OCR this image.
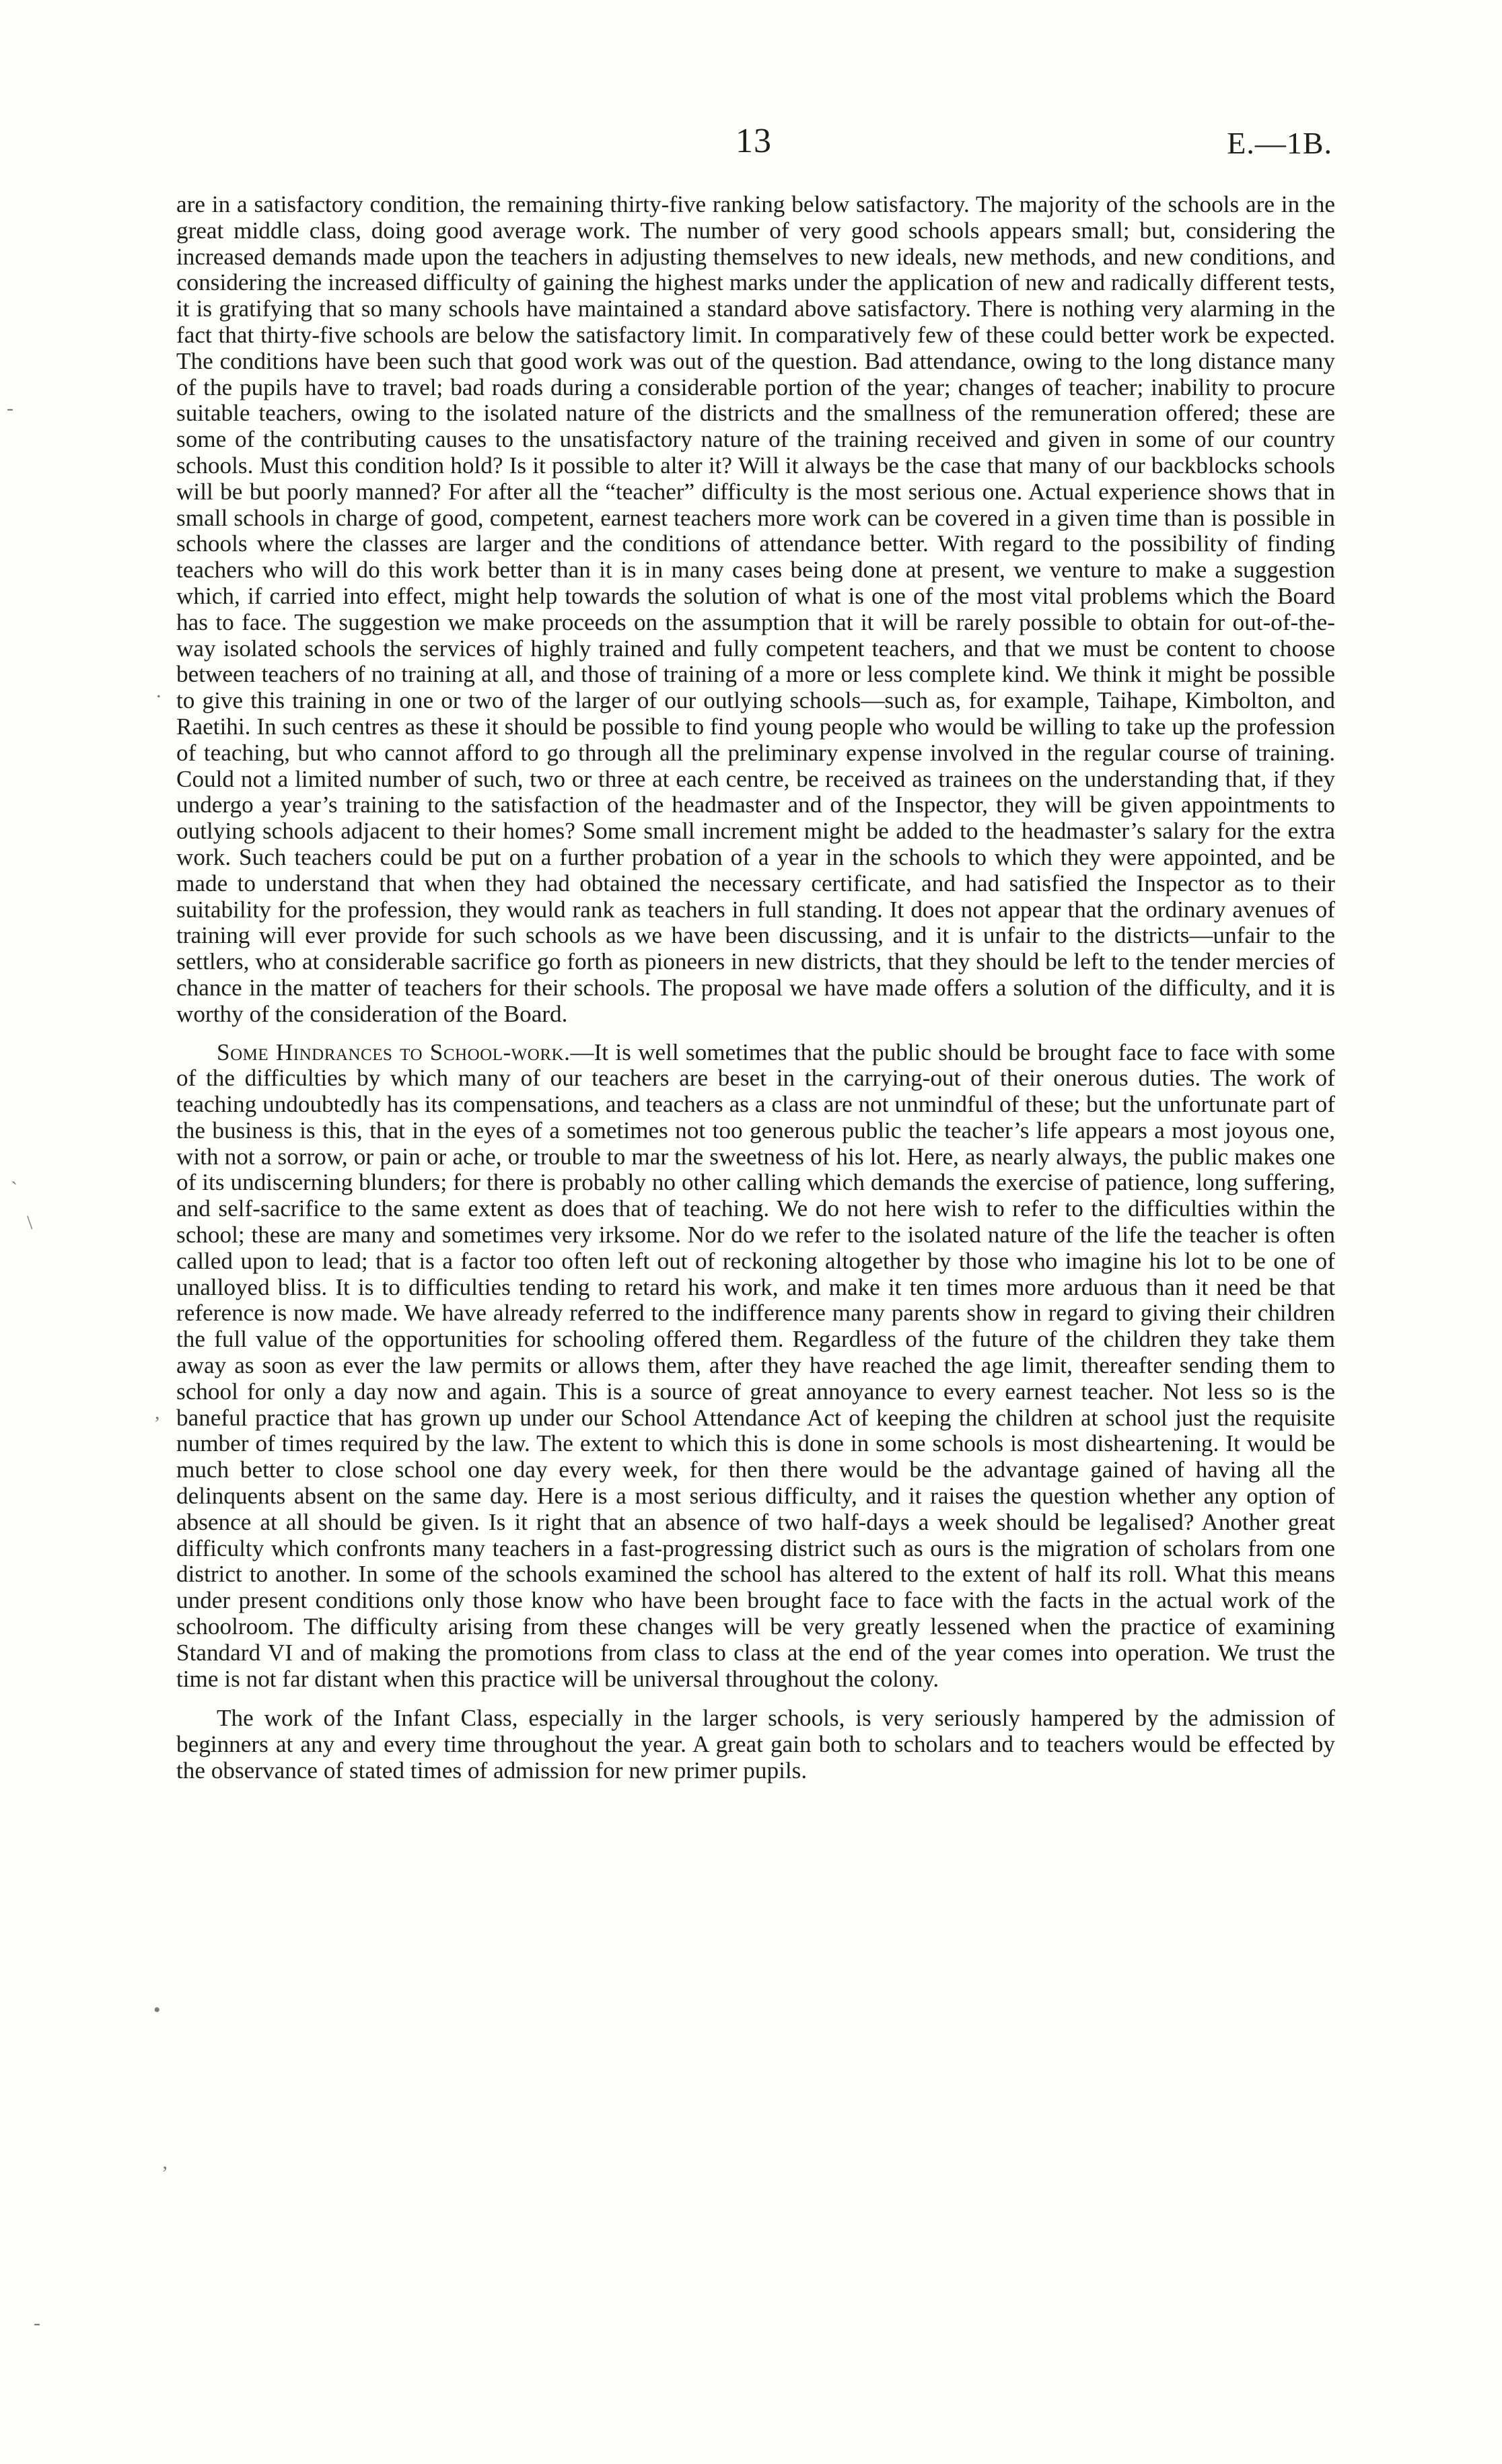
13	E.—1B.

are in a satisfactory condition, the remaining thirty-five ranking below satisfactory. The majority of the schools are in the great middle class, doing good average work. The number of very good schools appears small; but, considering the increased demands made upon the teachers in adjusting themselves to new ideals, new methods, and new conditions, and considering the increased difficulty of gaining the highest marks under the application of new and radically different tests, it is gratifying that so many schools have maintained a standard above satisfactory. There is nothing very alarming in the fact that thirty-five schools are below the satisfactory limit. In comparatively few of these could better work be expected. The conditions have been such that good work was out of the question. Bad attendance, owing to the long distance many of the pupils have to travel; bad roads during a considerable portion of the year; changes of teacher; inability to procure suitable teachers, owing to the isolated nature of the districts and the smallness of the remuneration offered; these are some of the contributing causes to the unsatisfactory nature of the training received and given in some of our country schools. Must this condition hold? Is it possible to alter it? Will it always be the case that many of our backblocks schools will be but poorly manned? For after all the “teacher” difficulty is the most serious one. Actual experience shows that in small schools in charge of good, competent, earnest teachers more work can be covered in a given time than is possible in schools where the classes are larger and the conditions of attendance better. With regard to the possibility of finding teachers who will do this work better than it is in many cases being done at present, we venture to make a suggestion which, if carried into effect, might help towards the solution of what is one of the most vital problems which the Board has to face. The suggestion we make proceeds on the assumption that it will be rarely possible to obtain for out-of-the-way isolated schools the services of highly trained and fully competent teachers, and that we must be content to choose between teachers of no training at all, and those of training of a more or less complete kind. We think it might be possible to give this training in one or two of the larger of our outlying schools—such as, for example, Taihape, Kimbolton, and Raetihi. In such centres as these it should be possible to find young people who would be willing to take up the profession of teaching, but who cannot afford to go through all the preliminary expense involved in the regular course of training. Could not a limited number of such, two or three at each centre, be received as trainees on the understanding that, if they undergo a year’s training to the satisfaction of the headmaster and of the Inspector, they will be given appointments to outlying schools adjacent to their homes? Some small increment might be added to the headmaster’s salary for the extra work. Such teachers could be put on a further probation of a year in the schools to which they were appointed, and be made to understand that when they had obtained the necessary certificate, and had satisfied the Inspector as to their suitability for the profession, they would rank as teachers in full standing. It does not appear that the ordinary avenues of training will ever provide for such schools as we have been discussing, and it is unfair to the districts—unfair to the settlers, who at considerable sacrifice go forth as pioneers in new districts, that they should be left to the tender mercies of chance in the matter of teachers for their schools. The proposal we have made offers a solution of the difficulty, and it is worthy of the consideration of the Board.

Some Hindrances to School-work.—It is well sometimes that the public should be brought face to face with some of the difficulties by which many of our teachers are beset in the carrying-out of their onerous duties. The work of teaching undoubtedly has its compensations, and teachers as a class are not unmindful of these; but the unfortunate part of the business is this, that in the eyes of a sometimes not too generous public the teacher’s life appears a most joyous one, with not a sorrow, or pain or ache, or trouble to mar the sweetness of his lot. Here, as nearly always, the public makes one of its undiscerning blunders; for there is probably no other calling which demands the exercise of patience, long suffering, and self-sacrifice to the same extent as does that of teaching. We do not here wish to refer to the difficulties within the school; these are many and sometimes very irksome. Nor do we refer to the isolated nature of the life the teacher is often called upon to lead; that is a factor too often left out of reckoning altogether by those who imagine his lot to be one of unalloyed bliss. It is to difficulties tending to retard his work, and make it ten times more arduous than it need be that reference is now made. We have already referred to the indifference many parents show in regard to giving their children the full value of the opportunities for schooling offered them. Regardless of the future of the children they take them away as soon as ever the law permits or allows them, after they have reached the age limit, thereafter sending them to school for only a day now and again. This is a source of great annoyance to every earnest teacher. Not less so is the baneful practice that has grown up under our School Attendance Act of keeping the children at school just the requisite number of times required by the law. The extent to which this is done in some schools is most disheartening. It would be much better to close school one day every week, for then there would be the advantage gained of having all the delinquents absent on the same day. Here is a most serious difficulty, and it raises the question whether any option of absence at all should be given. Is it right that an absence of two half-days a week should be legalised? Another great difficulty which confronts many teachers in a fast-progressing district such as ours is the migration of scholars from one district to another. In some of the schools examined the school has altered to the extent of half its roll. What this means under present conditions only those know who have been brought face to face with the facts in the actual work of the schoolroom. The difficulty arising from these changes will be very greatly lessened when the practice of examining Standard VI and of making the promotions from class to class at the end of the year comes into operation. We trust the time is not far distant when this practice will be universal throughout the colony.

The work of the Infant Class, especially in the larger schools, is very seriously hampered by the admission of beginners at any and every time throughout the year. A great gain both to scholars and to teachers would be effected by the observance of stated times of admission for new primer pupils.

-
.
`
\
,
•
‚
-
